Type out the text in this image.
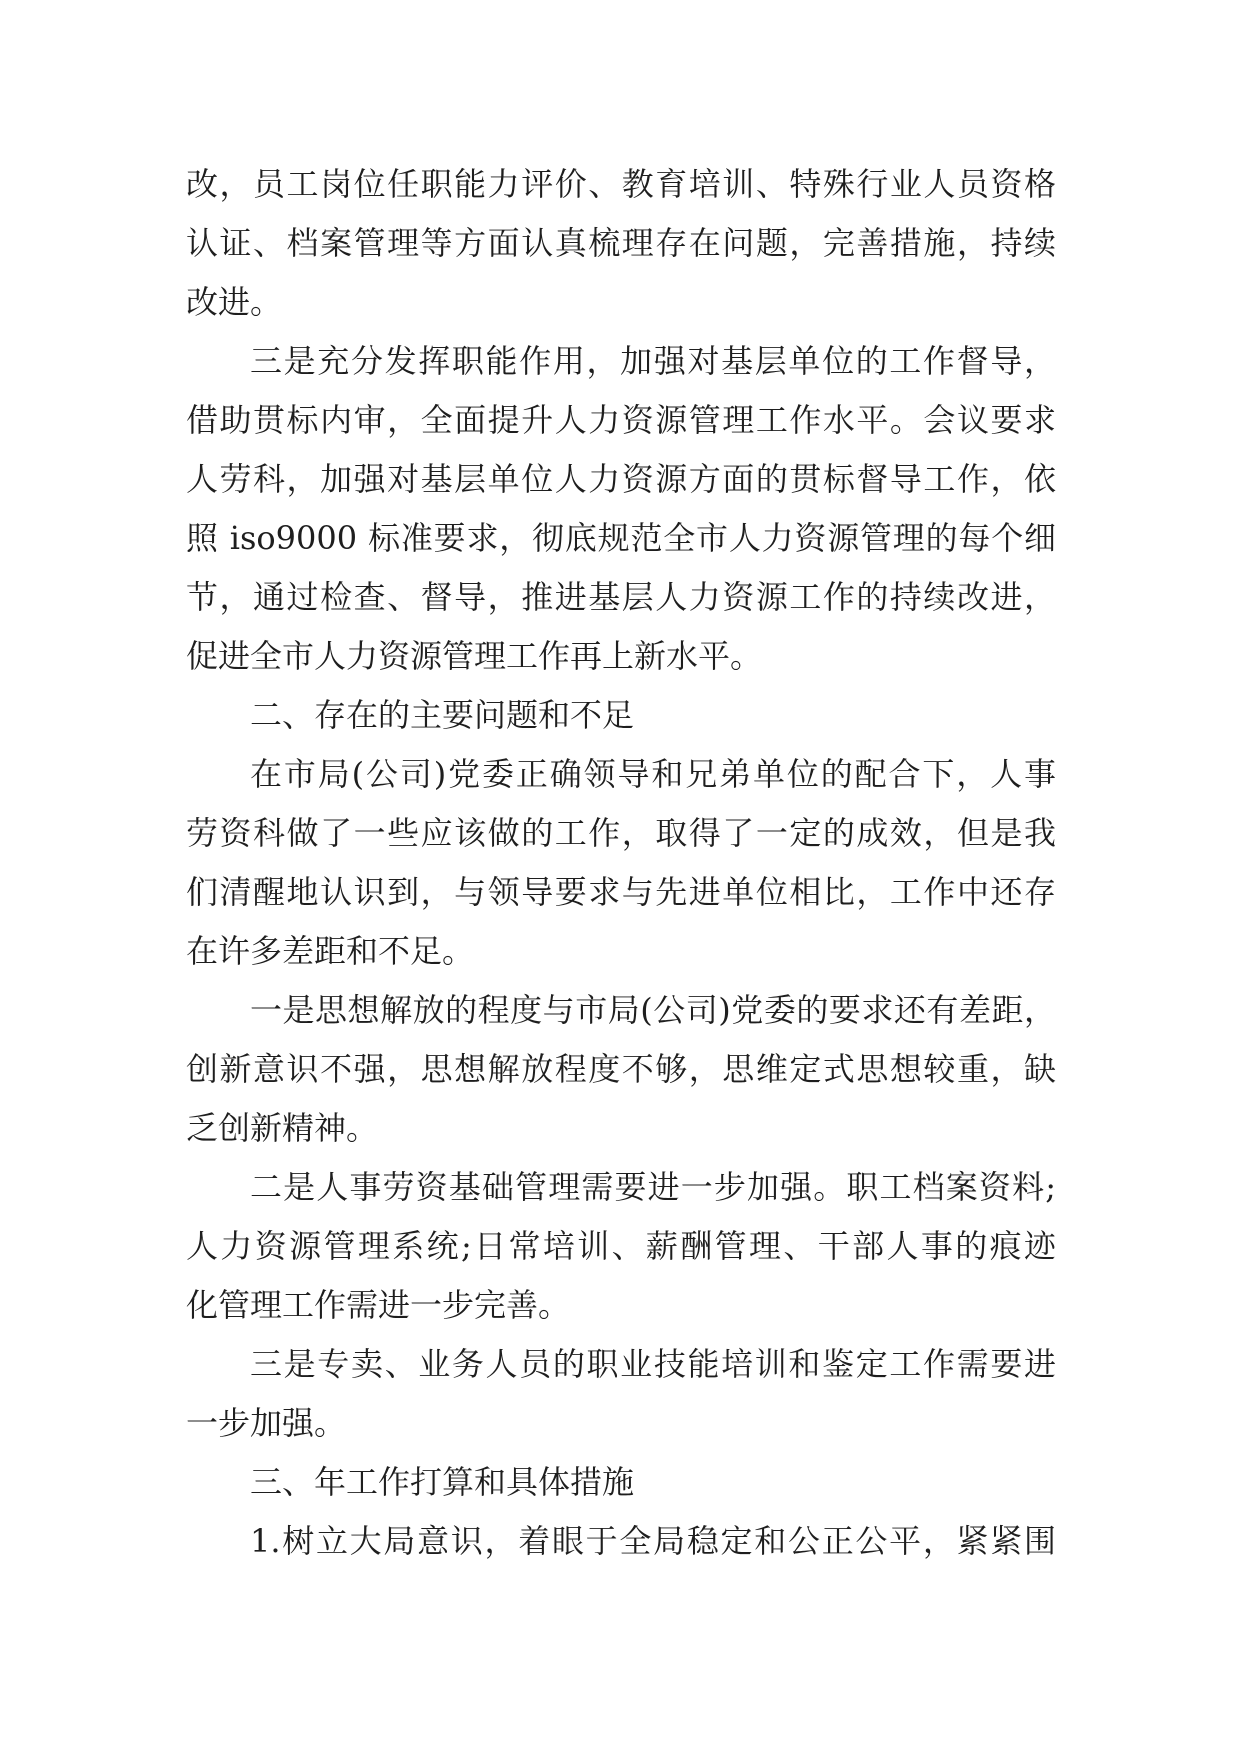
改，员工岗位任职能力评价、教育培训、特殊行业人员资格
认证、档案管理等方面认真梳理存在问题，完善措施，持续
改进。
三是充分发挥职能作用，加强对基层单位的工作督导，
借助贯标内审，全面提升人力资源管理工作水平。会议要求
人劳科，加强对基层单位人力资源方面的贯标督导工作，依
照 iso9000 标准要求，彻底规范全市人力资源管理的每个细
节，通过检查、督导，推进基层人力资源工作的持续改进，
促进全市人力资源管理工作再上新水平。
二、存在的主要问题和不足
在市局(公司)党委正确领导和兄弟单位的配合下，人事
劳资科做了一些应该做的工作，取得了一定的成效，但是我
们清醒地认识到，与领导要求与先进单位相比，工作中还存
在许多差距和不足。
一是思想解放的程度与市局(公司)党委的要求还有差距，
创新意识不强，思想解放程度不够，思维定式思想较重，缺
乏创新精神。
二是人事劳资基础管理需要进一步加强。职工档案资料;
人力资源管理系统;日常培训、薪酬管理、干部人事的痕迹
化管理工作需进一步完善。
三是专卖、业务人员的职业技能培训和鉴定工作需要进
一步加强。
三、年工作打算和具体措施
1.树立大局意识，着眼于全局稳定和公正公平，紧紧围
